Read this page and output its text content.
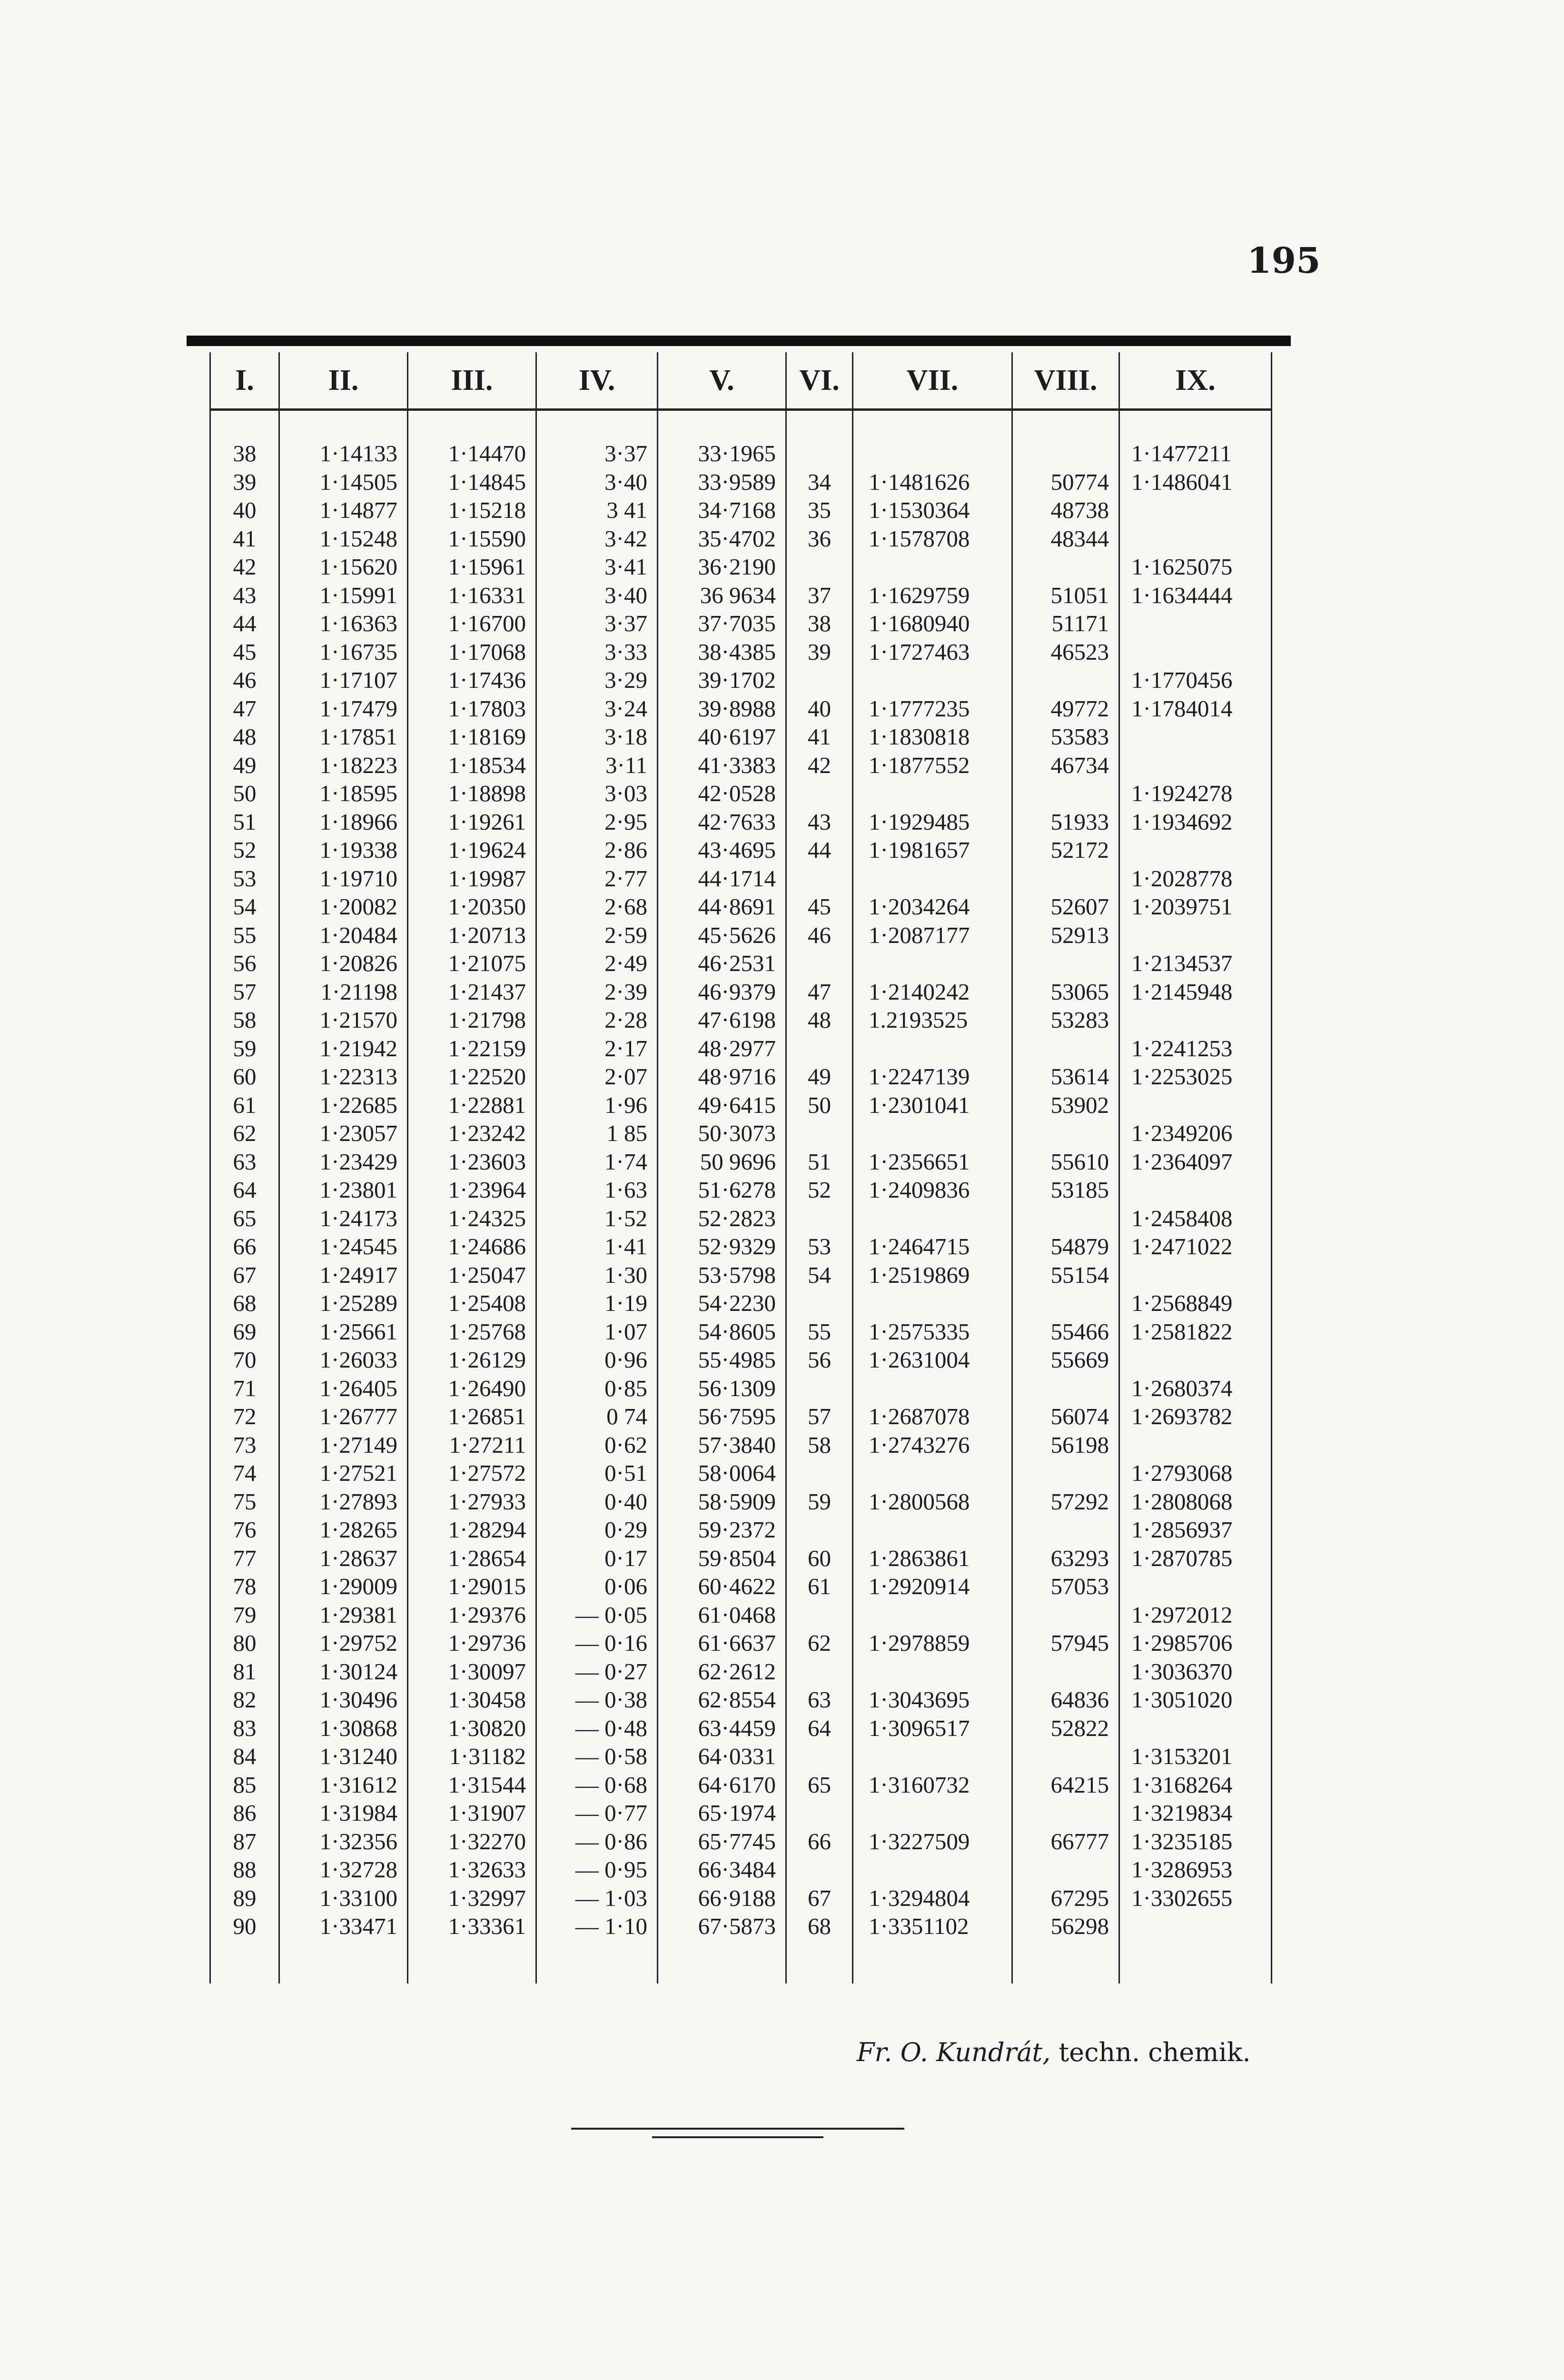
195
I.	II.	III.	IV.	V.	VI.	VII.	VIII.	IX.

38	1·14133	1·14470	3·37	33·1965				1·1477211
39	1·14505	1·14845	3·40	33·9589	34	1·1481626	50774	1·1486041
40	1·14877	1·15218	3 41	34·7168	35	1·1530364	48738	
41	1·15248	1·15590	3·42	35·4702	36	1·1578708	48344	
42	1·15620	1·15961	3·41	36·2190				1·1625075
43	1·15991	1·16331	3·40	36 9634	37	1·1629759	51051	1·1634444
44	1·16363	1·16700	3·37	37·7035	38	1·1680940	51171	
45	1·16735	1·17068	3·33	38·4385	39	1·1727463	46523	
46	1·17107	1·17436	3·29	39·1702				1·1770456
47	1·17479	1·17803	3·24	39·8988	40	1·1777235	49772	1·1784014
48	1·17851	1·18169	3·18	40·6197	41	1·1830818	53583	
49	1·18223	1·18534	3·11	41·3383	42	1·1877552	46734	
50	1·18595	1·18898	3·03	42·0528				1·1924278
51	1·18966	1·19261	2·95	42·7633	43	1·1929485	51933	1·1934692
52	1·19338	1·19624	2·86	43·4695	44	1·1981657	52172	
53	1·19710	1·19987	2·77	44·1714				1·2028778
54	1·20082	1·20350	2·68	44·8691	45	1·2034264	52607	1·2039751
55	1·20484	1·20713	2·59	45·5626	46	1·2087177	52913	
56	1·20826	1·21075	2·49	46·2531				1·2134537
57	1·21198	1·21437	2·39	46·9379	47	1·2140242	53065	1·2145948
58	1·21570	1·21798	2·28	47·6198	48	1.2193525	53283	
59	1·21942	1·22159	2·17	48·2977				1·2241253
60	1·22313	1·22520	2·07	48·9716	49	1·2247139	53614	1·2253025
61	1·22685	1·22881	1·96	49·6415	50	1·2301041	53902	
62	1·23057	1·23242	1 85	50·3073				1·2349206
63	1·23429	1·23603	1·74	50 9696	51	1·2356651	55610	1·2364097
64	1·23801	1·23964	1·63	51·6278	52	1·2409836	53185	
65	1·24173	1·24325	1·52	52·2823				1·2458408
66	1·24545	1·24686	1·41	52·9329	53	1·2464715	54879	1·2471022
67	1·24917	1·25047	1·30	53·5798	54	1·2519869	55154	
68	1·25289	1·25408	1·19	54·2230				1·2568849
69	1·25661	1·25768	1·07	54·8605	55	1·2575335	55466	1·2581822
70	1·26033	1·26129	0·96	55·4985	56	1·2631004	55669	
71	1·26405	1·26490	0·85	56·1309				1·2680374
72	1·26777	1·26851	0 74	56·7595	57	1·2687078	56074	1·2693782
73	1·27149	1·27211	0·62	57·3840	58	1·2743276	56198	
74	1·27521	1·27572	0·51	58·0064				1·2793068
75	1·27893	1·27933	0·40	58·5909	59	1·2800568	57292	1·2808068
76	1·28265	1·28294	0·29	59·2372				1·2856937
77	1·28637	1·28654	0·17	59·8504	60	1·2863861	63293	1·2870785
78	1·29009	1·29015	0·06	60·4622	61	1·2920914	57053	
79	1·29381	1·29376	— 0·05	61·0468				1·2972012
80	1·29752	1·29736	— 0·16	61·6637	62	1·2978859	57945	1·2985706
81	1·30124	1·30097	— 0·27	62·2612				1·3036370
82	1·30496	1·30458	— 0·38	62·8554	63	1·3043695	64836	1·3051020
83	1·30868	1·30820	— 0·48	63·4459	64	1·3096517	52822	
84	1·31240	1·31182	— 0·58	64·0331				1·3153201
85	1·31612	1·31544	— 0·68	64·6170	65	1·3160732	64215	1·3168264
86	1·31984	1·31907	— 0·77	65·1974				1·3219834
87	1·32356	1·32270	— 0·86	65·7745	66	1·3227509	66777	1·3235185
88	1·32728	1·32633	— 0·95	66·3484				1·3286953
89	1·33100	1·32997	— 1·03	66·9188	67	1·3294804	67295	1·3302655
90	1·33471	1·33361	— 1·10	67·5873	68	1·3351102	56298	

Fr. O. Kundrát, techn. chemik.
